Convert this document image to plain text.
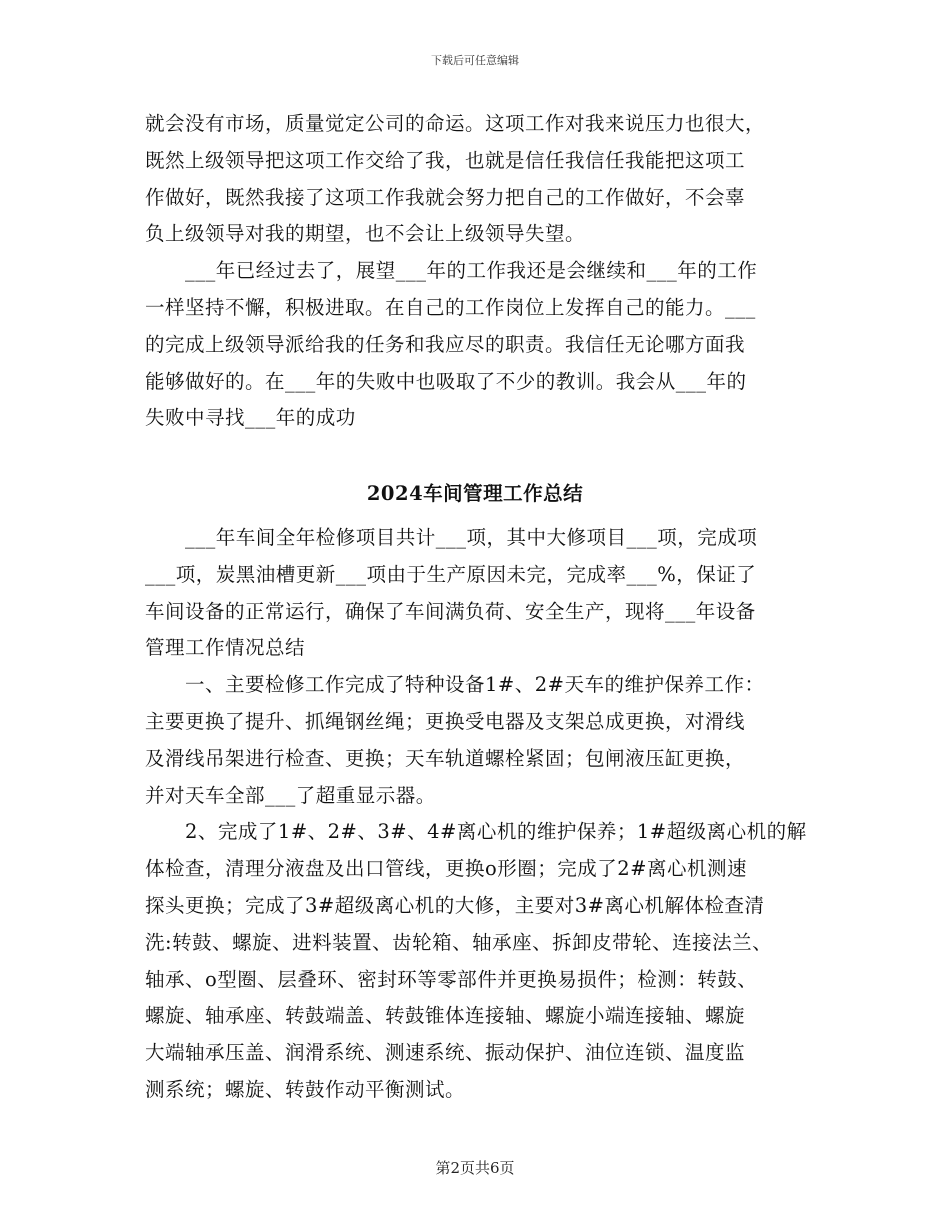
下载后可任意编辑
就会没有市场，质量觉定公司的命运。这项工作对我来说压力也很大，
既然上级领导把这项工作交给了我，也就是信任我信任我能把这项工
作做好，既然我接了这项工作我就会努力把自己的工作做好，不会辜
负上级领导对我的期望，也不会让上级领导失望。
　　___年已经过去了，展望___年的工作我还是会继续和___年的工作
一样坚持不懈，积极进取。在自己的工作岗位上发挥自己的能力。___
的完成上级领导派给我的任务和我应尽的职责。我信任无论哪方面我
能够做好的。在___年的失败中也吸取了不少的教训。我会从___年的
失败中寻找___年的成功
2024车间管理工作总结
　　___年车间全年检修项目共计___项，其中大修项目___项，完成项
___项，炭黑油槽更新___项由于生产原因未完，完成率___%，保证了
车间设备的正常运行，确保了车间满负荷、安全生产，现将___年设备
管理工作情况总结
　　一、主要检修工作完成了特种设备1#、2#天车的维护保养工作：
主要更换了提升、抓绳钢丝绳；更换受电器及支架总成更换，对滑线
及滑线吊架进行检查、更换；天车轨道螺栓紧固；包闸液压缸更换，
并对天车全部___了超重显示器。
　　2、完成了1#、2#、3#、4#离心机的维护保养；1#超级离心机的解
体检查，清理分液盘及出口管线，更换o形圈；完成了2#离心机测速
探头更换；完成了3#超级离心机的大修，主要对3#离心机解体检查清
洗:转鼓、螺旋、进料装置、齿轮箱、轴承座、拆卸皮带轮、连接法兰、
轴承、o型圈、层叠环、密封环等零部件并更换易损件；检测：转鼓、
螺旋、轴承座、转鼓端盖、转鼓锥体连接轴、螺旋小端连接轴、螺旋
大端轴承压盖、润滑系统、测速系统、振动保护、油位连锁、温度监
测系统；螺旋、转鼓作动平衡测试。
第2页共6页
